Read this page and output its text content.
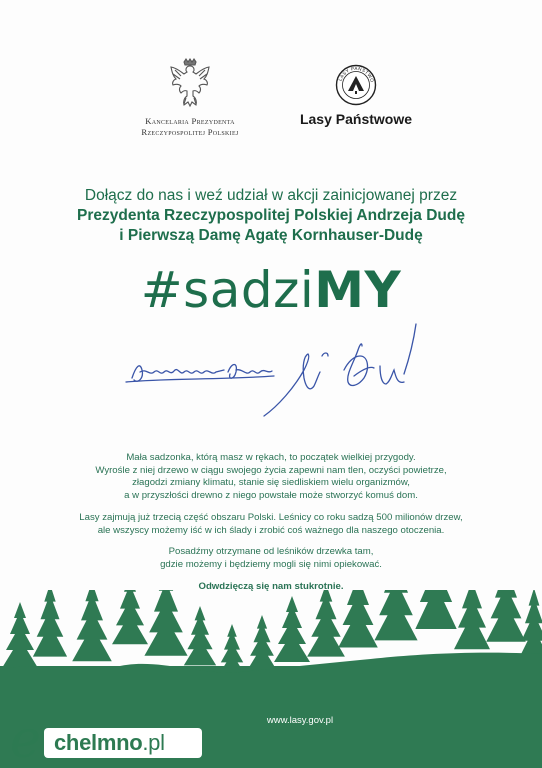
Kancelaria Prezydenta
Rzeczypospolitej Polskiej
LASY PAŃSTWO
Lasy Państwowe
Dołącz do nas i weź udział w akcji zainicjowanej przez
Prezydenta Rzeczypospolitej Polskiej Andrzeja Dudę
i Pierwszą Damę Agatę Kornhauser-Dudę
#sadziMY

Mała sadzonka, którą masz w rękach, to początek wielkiej przygody.
Wyrośle z niej drzewo w ciągu swojego życia zapewni nam tlen, oczyści powietrze,
złagodzi zmiany klimatu, stanie się siedliskiem wielu organizmów,
a w przyszłości drewno z niego powstałe może stworzyć komuś dom.

Lasy zajmują już trzecią część obszaru Polski. Leśnicy co roku sadzą 500 milionów drzew,
ale wszyscy możemy iść w ich ślady i zrobić coś ważnego dla naszego otoczenia.

Posadźmy otrzymane od leśników drzewka tam,
gdzie możemy i będziemy mogli się nimi opiekować.

Odwdzięczą się nam stukrotnie.

www.lasy.gov.pl
e chelmno.pl
